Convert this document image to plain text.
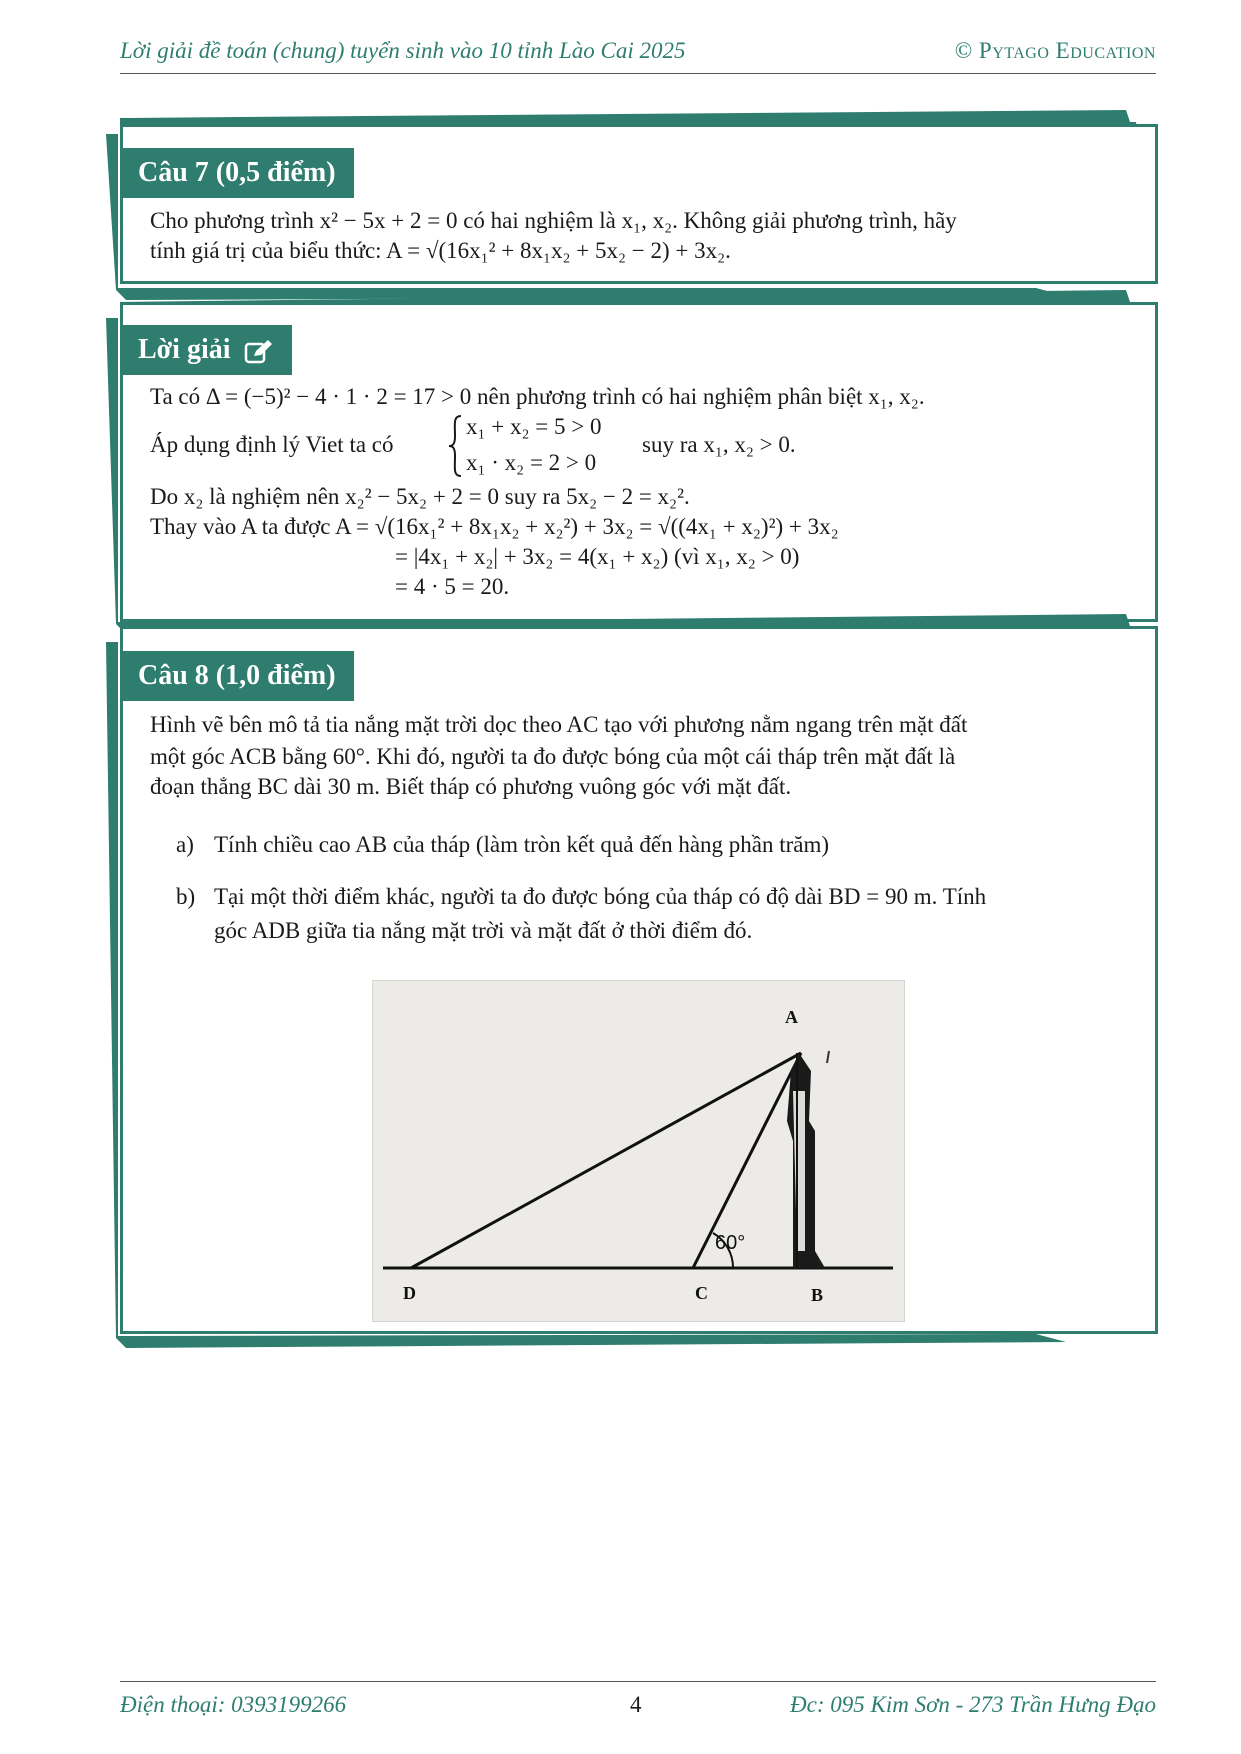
Lời giải đề toán (chung) tuyển sinh vào 10 tỉnh Lào Cai 2025	© Pytago Education
Câu 7 (0,5 điểm)
Cho phương trình x² − 5x + 2 = 0 có hai nghiệm là x₁, x₂. Không giải phương trình, hãy
tính giá trị của biểu thức: A = √(16x₁² + 8x₁x₂ + 5x₂ − 2) + 3x₂.
Lời giải
Ta có Δ = (−5)² − 4 · 1 · 2 = 17 > 0 nên phương trình có hai nghiệm phân biệt x₁, x₂.
Áp dụng định lý Viet ta có
x₁ + x₂ = 5 > 0
x₁ · x₂ = 2 > 0
suy ra x₁, x₂ > 0.
Do x₂ là nghiệm nên x₂² − 5x₂ + 2 = 0 suy ra 5x₂ − 2 = x₂².
Thay vào A ta được A = √(16x₁² + 8x₁x₂ + x₂²) + 3x₂ = √((4x₁ + x₂)²) + 3x₂
= |4x₁ + x₂| + 3x₂ = 4(x₁ + x₂) (vì x₁, x₂ > 0)
= 4 · 5 = 20.
Câu 8 (1,0 điểm)
Hình vẽ bên mô tả tia nắng mặt trời dọc theo AC tạo với phương nằm ngang trên mặt đất
một góc ACB bằng 60°. Khi đó, người ta đo được bóng của một cái tháp trên mặt đất là
đoạn thẳng BC dài 30 m. Biết tháp có phương vuông góc với mặt đất.
a) Tính chiều cao AB của tháp (làm tròn kết quả đến hàng phần trăm)
b) Tại một thời điểm khác, người ta đo được bóng của tháp có độ dài BD = 90 m. Tính
góc ADB giữa tia nắng mặt trời và mặt đất ở thời điểm đó.
A
D	C	B
60°
Điện thoại: 0393199266	4	Đc: 095 Kim Sơn - 273 Trần Hưng Đạo
